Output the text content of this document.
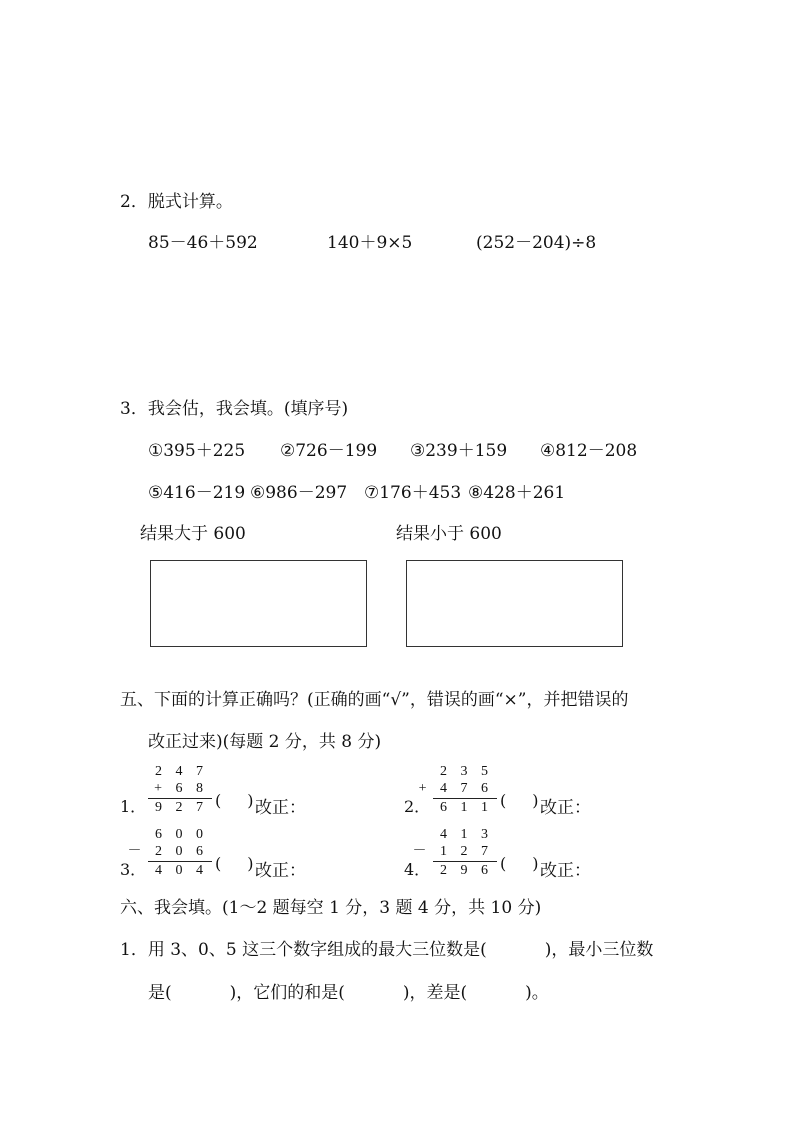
2．脱式计算。
85－46＋592	140＋9×5	(252－204)÷8
3．我会估，我会填。(填序号)
①395＋225 ②726－199 ③239＋159 ④812－208
⑤416－219 ⑥986－297 ⑦176＋453 ⑧428＋261
结果大于 600	结果小于 600
五、下面的计算正确吗？(正确的画“√”，错误的画“×”，并把错误的
改正过来)(每题 2 分，共 8 分)
1．
2 4 7
+ 6 8
9 2 7 ( ) 改正：	2．
2 3 5
+ 4 7 6
6 1 1 ( ) 改正：
3．
6 0 0
－ 2 0 6
4 0 4 ( ) 改正：	4．
4 1 3
－ 1 2 7
2 9 6 ( ) 改正：
六、我会填。(1～2 题每空 1 分，3 题 4 分，共 10 分)
1．用 3、0、5 这三个数字组成的最大三位数是(	)，最小三位数
是(	)，它们的和是(	)，差是(	)。
